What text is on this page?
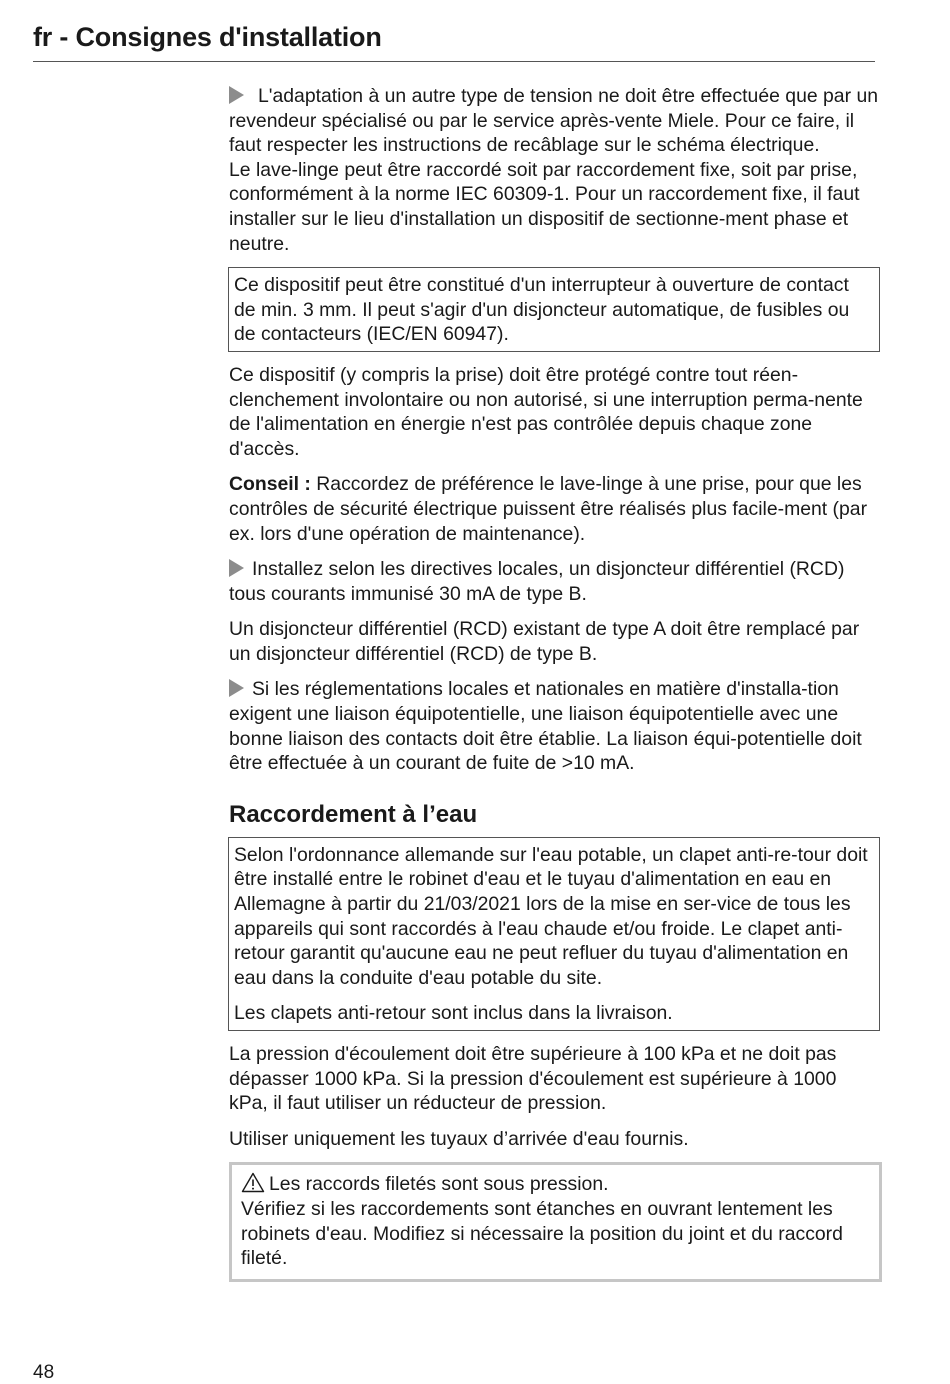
fr - Consignes d'installation

L'adaptation à un autre type de tension ne doit être effectuée que par un revendeur spécialisé ou par le service après-vente Miele. Pour ce faire, il faut respecter les instructions de recâblage sur le schéma électrique.

Le lave-linge peut être raccordé soit par raccordement fixe, soit par prise, conformément à la norme IEC 60309-1. Pour un raccordement fixe, il faut installer sur le lieu d'installation un dispositif de sectionne-ment phase et neutre.

Ce dispositif peut être constitué d'un interrupteur à ouverture de contact de min. 3 mm. Il peut s'agir d'un disjoncteur automatique, de fusibles ou de contacteurs (IEC/EN 60947).

Ce dispositif (y compris la prise) doit être protégé contre tout réen-clenchement involontaire ou non autorisé, si une interruption perma-nente de l'alimentation en énergie n'est pas contrôlée depuis chaque zone d'accès.

Conseil : Raccordez de préférence le lave-linge à une prise, pour que les contrôles de sécurité électrique puissent être réalisés plus facile-ment (par ex. lors d'une opération de maintenance).

Installez selon les directives locales, un disjoncteur différentiel (RCD) tous courants immunisé 30 mA de type B.

Un disjoncteur différentiel (RCD) existant de type A doit être remplacé par un disjoncteur différentiel (RCD) de type B.

Si les réglementations locales et nationales en matière d'installa-tion exigent une liaison équipotentielle, une liaison équipotentielle avec une bonne liaison des contacts doit être établie. La liaison équi-potentielle doit être effectuée à un courant de fuite de >10 mA.

Raccordement à l’eau

Selon l'ordonnance allemande sur l'eau potable, un clapet anti-re-tour doit être installé entre le robinet d'eau et le tuyau d'alimentation en eau en Allemagne à partir du 21/03/2021 lors de la mise en ser-vice de tous les appareils qui sont raccordés à l'eau chaude et/ou froide. Le clapet anti-retour garantit qu'aucune eau ne peut refluer du tuyau d'alimentation en eau dans la conduite d'eau potable du site.

Les clapets anti-retour sont inclus dans la livraison.

La pression d'écoulement doit être supérieure à 100 kPa et ne doit pas dépasser 1000 kPa. Si la pression d'écoulement est supérieure à 1000 kPa, il faut utiliser un réducteur de pression.

Utiliser uniquement les tuyaux d’arrivée d'eau fournis.

Les raccords filetés sont sous pression.
Vérifiez si les raccordements sont étanches en ouvrant lentement les robinets d'eau. Modifiez si nécessaire la position du joint et du raccord fileté.
48
